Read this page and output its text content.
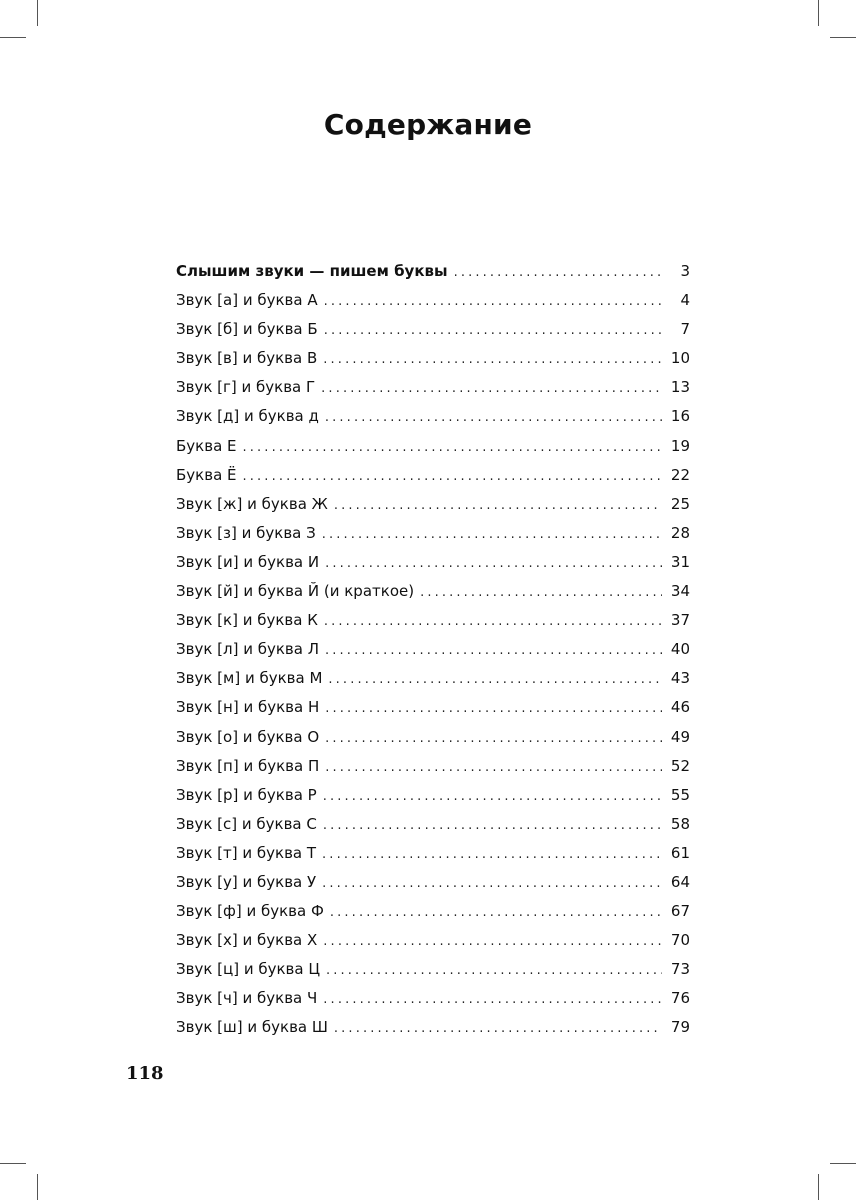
Содержание
Слышим звуки — пишем буквы . . .	3
Звук [а] и буква А . . .	4
Звук [б] и буква Б . . .	7
Звук [в] и буква В . . .	10
Звук [г] и буква Г . . .	13
Звук [д] и буква д . . .	16
Буква Е . . .	19
Буква Ё . . .	22
Звук [ж] и буква Ж . . .	25
Звук [з] и буква З . . .	28
Звук [и] и буква И . . .	31
Звук [й] и буква Й (и краткое) . . .	34
Звук [к] и буква К . . .	37
Звук [л] и буква Л . . .	40
Звук [м] и буква М . . .	43
Звук [н] и буква Н . . .	46
Звук [о] и буква О . . .	49
Звук [п] и буква П . . .	52
Звук [р] и буква Р . . .	55
Звук [с] и буква С . . .	58
Звук [т] и буква Т . . .	61
Звук [у] и буква У . . .	64
Звук [ф] и буква Ф . . .	67
Звук [х] и буква Х . . .	70
Звук [ц] и буква Ц . . .	73
Звук [ч] и буква Ч . . .	76
Звук [ш] и буква Ш . . .	79
118
